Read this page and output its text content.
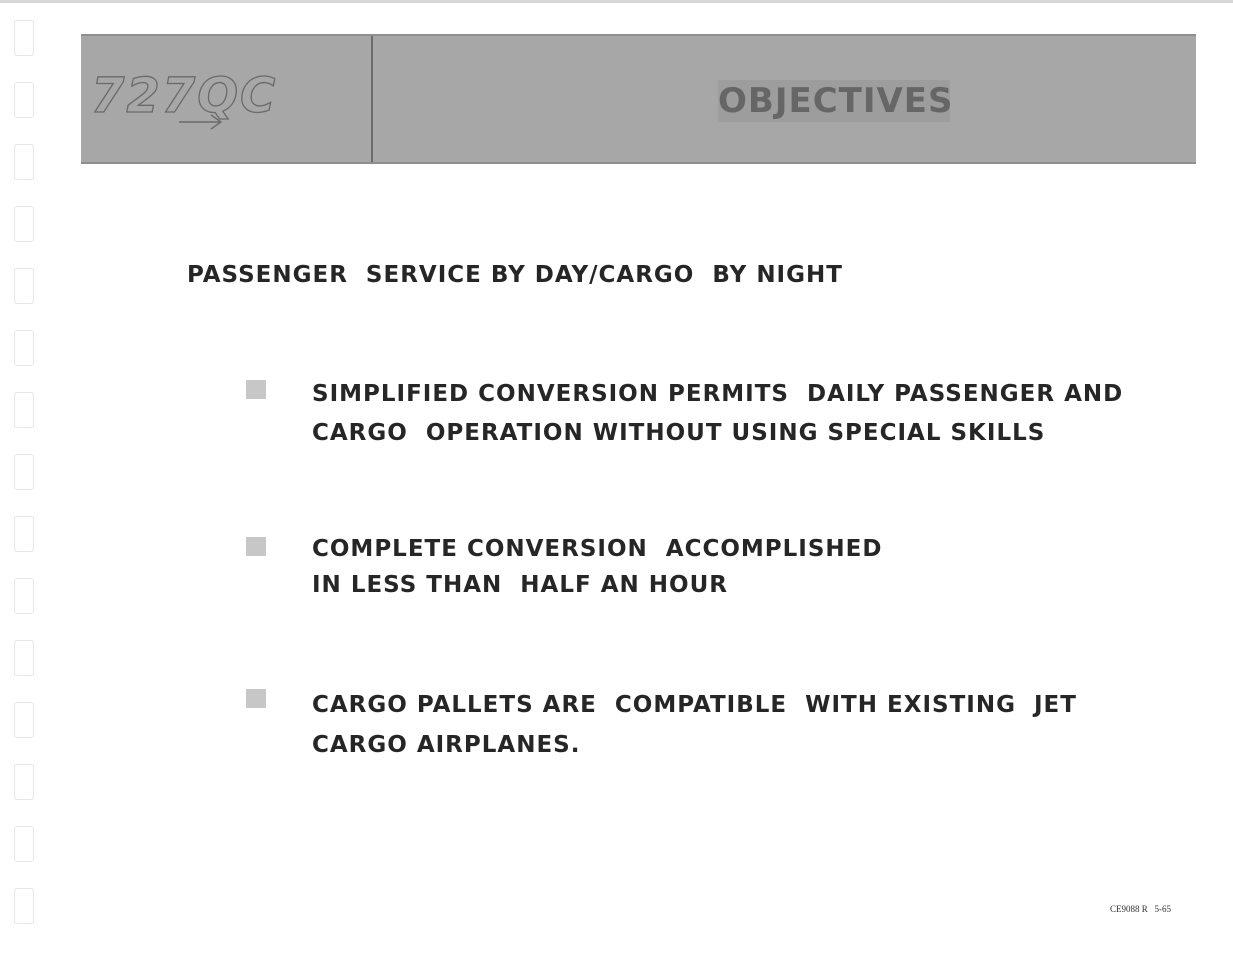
727QC	OBJECTIVES
PASSENGER  SERVICE BY DAY/CARGO  BY NIGHT
SIMPLIFIED CONVERSION PERMITS  DAILY PASSENGER AND
CARGO  OPERATION WITHOUT USING SPECIAL SKILLS
COMPLETE CONVERSION  ACCOMPLISHED
IN LESS THAN  HALF AN HOUR
CARGO PALLETS ARE  COMPATIBLE  WITH EXISTING  JET
CARGO AIRPLANES.
CE9088 R   5-65
